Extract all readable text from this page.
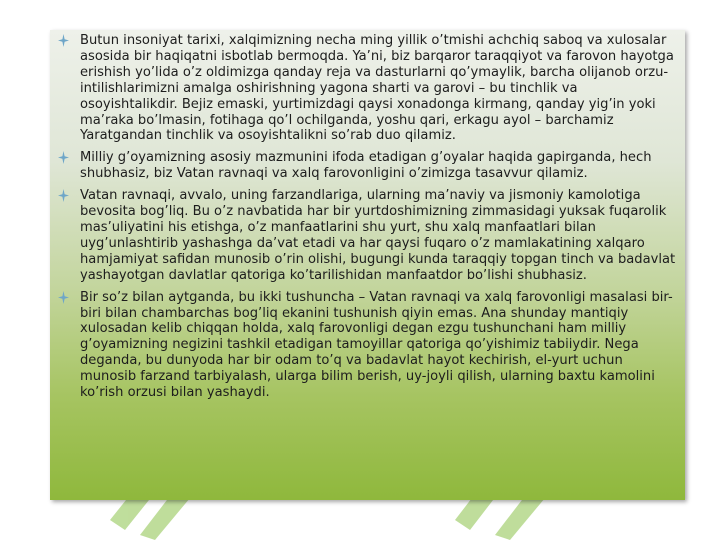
Butun insoniyat tarixi, xalqimizning necha ming yillik o’tmishi achchiq saboq va xulosalar asosida bir haqiqatni isbotlab bermoqda. Ya’ni, biz barqaror taraqqiyot va farovon hayotga erishish yo’lida o’z oldimizga qanday reja va dasturlarni qo’ymaylik, barcha olijanob orzu-intilishlarimizni amalga oshirishning yagona sharti va garovi – bu tinchlik va osoyishtalikdir. Bejiz emaski, yurtimizdagi qaysi xonadonga kirmang, qanday yig’in yoki ma’raka bo’lmasin, fotihaga qo’l ochilganda, yoshu qari, erkagu ayol – barchamiz Yaratgandan tinchlik va osoyishtalikni so’rab duo qilamiz.

Milliy g’oyamizning asosiy mazmunini ifoda etadigan g’oyalar haqida gapirganda, hech shubhasiz, biz Vatan ravnaqi va xalq farovonligini o’zimizga tasavvur qilamiz.

Vatan ravnaqi, avvalo, uning farzandlariga, ularning ma’naviy va jismoniy kamolotiga bevosita bog’liq. Bu o’z navbatida har bir yurtdoshimizning zimmasidagi yuksak fuqarolik mas’uliyatini his etishga, o’z manfaatlarini shu yurt, shu xalq manfaatlari bilan uyg’unlashtirib yashashga da’vat etadi va har qaysi fuqaro o’z mamlakatining xalqaro hamjamiyat safidan munosib o’rin olishi, bugungi kunda taraqqiy topgan tinch va badavlat yashayotgan davlatlar qatoriga ko’tarilishidan manfaatdor bo’lishi shubhasiz.

Bir so’z bilan aytganda, bu ikki tushuncha – Vatan ravnaqi va xalq farovonligi masalasi bir-biri bilan chambarchas bog’liq ekanini tushunish qiyin emas. Ana shunday mantiqiy xulosadan kelib chiqqan holda, xalq farovonligi degan ezgu tushunchani ham milliy g’oyamizning negizini tashkil etadigan tamoyillar qatoriga qo’yishimiz tabiiydir. Nega deganda, bu dunyoda har bir odam to’q va badavlat hayot kechirish, el-yurt uchun munosib farzand tarbiyalash, ularga bilim berish, uy-joyli qilish, ularning baxtu kamolini ko’rish orzusi bilan yashaydi.
